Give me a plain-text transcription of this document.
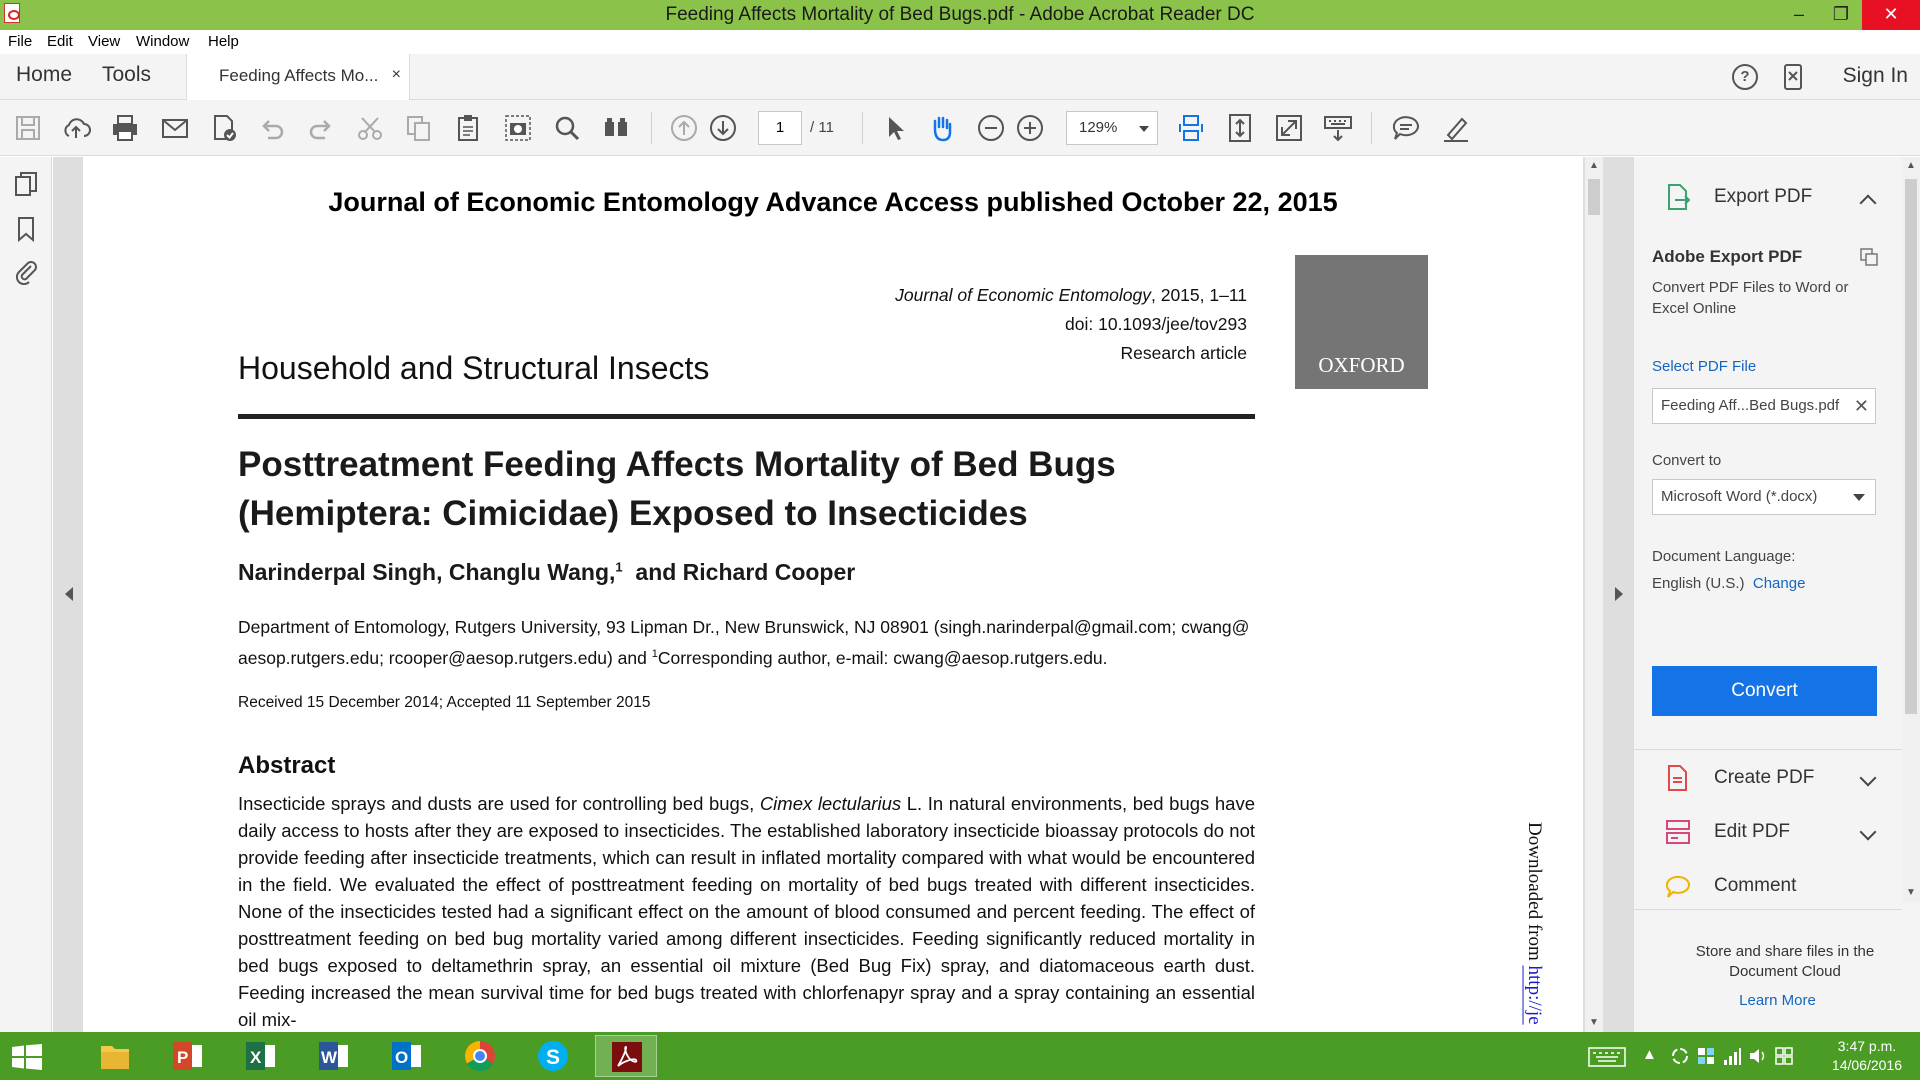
Feeding Affects Mortality of Bed Bugs.pdf - Adobe Acrobat Reader DC	–	❐	✕
File Edit View Window Help
Home Tools	Feeding Affects Mo... ×	?	Sign In
1	/ 11	129%
Journal of Economic Entomology Advance Access published October 22, 2015
Journal of Economic Entomology, 2015, 1–11
doi: 10.1093/jee/tov293
Research article	OXFORD
Household and Structural Insects
Posttreatment Feeding Affects Mortality of Bed Bugs
(Hemiptera: Cimicidae) Exposed to Insecticides
Narinderpal Singh, Changlu Wang,$^1$ and Richard Cooper
Department of Entomology, Rutgers University, 93 Lipman Dr., New Brunswick, NJ 08901 (singh.narinderpal@gmail.com; cwang@
aesop.rutgers.edu; rcooper@aesop.rutgers.edu) and $^1$Corresponding author, e-mail: cwang@aesop.rutgers.edu.
Received 15 December 2014; Accepted 11 September 2015
Abstract
Insecticide sprays and dusts are used for controlling bed bugs, Cimex lectularius L. In natural environments, bed bugs have daily access to hosts after they are exposed to insecticides. The established laboratory insecticide bioassay protocols do not provide feeding after insecticide treatments, which can result in inflated mortality compared with what would be encountered in the field. We evaluated the effect of posttreatment feeding on mortality of bed bugs treated with different insecticides. None of the insecticides tested had a significant effect on the amount of blood consumed and percent feeding. The effect of posttreatment feeding on bed bug mortality varied among different insecticides. Feeding significantly reduced mortality in bed bugs exposed to deltamethrin spray, an essential oil mixture (Bed Bug Fix) spray, and diatomaceous earth dust. Feeding increased the mean survival time for bed bugs treated with chlorfenapyr spray and a spray containing an essential oil mix-
Downloaded from http://je
▲
▼
Export PDF
Adobe Export PDF
Convert PDF Files to Word or Excel Online
Select PDF File
Feeding Aff...Bed Bugs.pdf ✕
Convert to
Microsoft Word (*.docx)
Document Language:
English (U.S.) Change
Convert
Create PDF
Edit PDF
Comment
▲
▼
Store and share files in the Document Cloud
Learn More
P	X	W	O	S	▲	3:47 p.m.
14/06/2016
